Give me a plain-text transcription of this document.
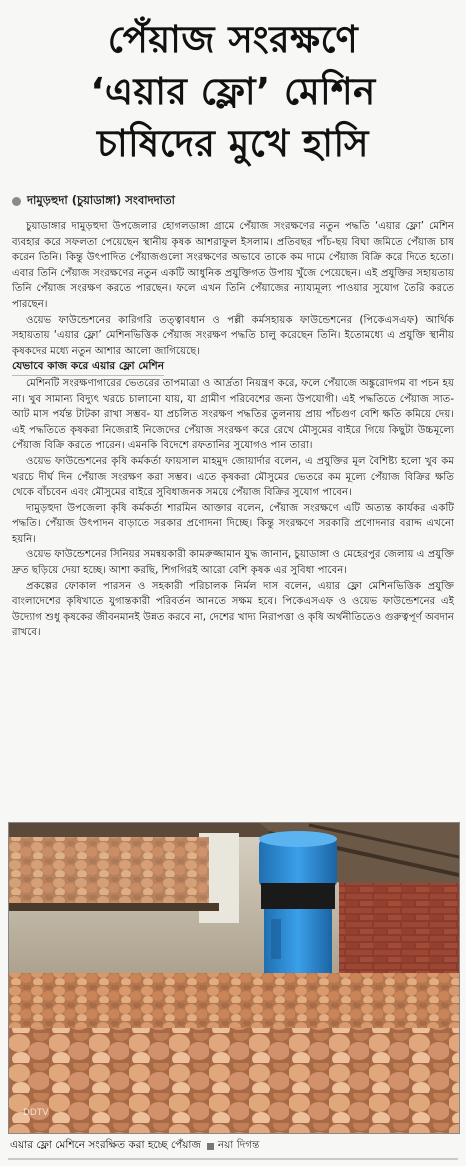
পেঁয়াজ সংরক্ষণে
‘এয়ার ফ্লো’ মেশিন
চাষিদের মুখে হাসি
দামুড়হুদা (চুয়াডাঙ্গা) সংবাদদাতা

চুয়াডাঙ্গার দামুড়হুদা উপজেলার হোগলডাঙ্গা গ্রামে পেঁয়াজ সংরক্ষণের নতুন পদ্ধতি ‘এয়ার ফ্লো’ মেশিন ব্যবহার করে সফলতা পেয়েছেন স্থানীয় কৃষক আশরাফুল ইসলাম। প্রতিবছর পাঁচ-ছয় বিঘা জমিতে পেঁয়াজ চাষ করেন তিনি। কিন্তু উৎপাদিত পেঁয়াজগুলো সংরক্ষণের অভাবে তাকে কম দামে পেঁয়াজ বিক্রি করে দিতে হতো। এবার তিনি পেঁয়াজ সংরক্ষণের নতুন একটি আধুনিক প্রযুক্তিগত উপায় খুঁজে পেয়েছেন। এই প্রযুক্তির সহায়তায় তিনি পেঁয়াজ সংরক্ষণ করতে পারছেন। ফলে এখন তিনি পেঁয়াজের ন্যায্যমূল্য পাওয়ার সুযোগ তৈরি করতে পারছেন।

ওয়েভ ফাউন্ডেশনের কারিগরি তত্ত্বাবধান ও পল্লী কর্মসহায়ক ফাউন্ডেশনের (পিকেএসএফ) আর্থিক সহায়তায় ‘এয়ার ফ্লো’ মেশিনভিত্তিক পেঁয়াজ সংরক্ষণ পদ্ধতি চালু করেছেন তিনি। ইতোমধ্যে এ প্রযুক্তি স্থানীয় কৃষকদের মধ্যে নতুন আশার আলো জাগিয়েছে।

যেভাবে কাজ করে এয়ার ফ্লো মেশিন

মেশিনটি সংরক্ষণাগারের ভেতরের তাপমাত্রা ও আর্দ্রতা নিয়ন্ত্রণ করে, ফলে পেঁয়াজে অঙ্কুরোদগম বা পচন হয় না। খুব সামান্য বিদ্যুৎ খরচে চালানো যায়, যা গ্রামীণ পরিবেশের জন্য উপযোগী। এই পদ্ধতিতে পেঁয়াজ সাত-আট মাস পর্যন্ত টাটকা রাখা সম্ভব- যা প্রচলিত সংরক্ষণ পদ্ধতির তুলনায় প্রায় পাঁচগুণ বেশি ক্ষতি কমিয়ে দেয়। এই পদ্ধতিতে কৃষকরা নিজেরাই নিজেদের পেঁয়াজ সংরক্ষণ করে রেখে মৌসুমের বাইরে গিয়ে কিছুটা উচ্চমূল্যে পেঁয়াজ বিক্রি করতে পারেন। এমনকি বিদেশে রফতানির সুযোগও পান তারা।

ওয়েভ ফাউন্ডেশনের কৃষি কর্মকর্তা ফায়সাল মাহমুদ জোয়ার্দার বলেন, এ প্রযুক্তির মূল বৈশিষ্ট্য হলো খুব কম খরচে দীর্ঘ দিন পেঁয়াজ সংরক্ষণ করা সম্ভব। এতে কৃষকরা মৌসুমের ভেতরে কম মূল্যে পেঁয়াজ বিক্রির ক্ষতি থেকে বাঁচবেন এবং মৌসুমের বাইরে সুবিধাজনক সময়ে পেঁয়াজ বিক্রির সুযোগ পাবেন।

দামুড়হুদা উপজেলা কৃষি কর্মকর্তা শারমিন আক্তার বলেন, পেঁয়াজ সংরক্ষণে এটি অত্যন্ত কার্যকর একটি পদ্ধতি। পেঁয়াজ উৎপাদন বাড়াতে সরকার প্রণোদনা দিচ্ছে। কিন্তু সংরক্ষণে সরকারি প্রণোদনার বরাদ্দ এখনো হয়নি।

ওয়েভ ফাউন্ডেশনের সিনিয়র সমন্বয়কারী কামরুজ্জামান যুদ্ধ জানান, চুয়াডাঙ্গা ও মেহেরপুর জেলায় এ প্রযুক্তি দ্রুত ছড়িয়ে দেয়া হচ্ছে। আশা করছি, শিগগিরই আরো বেশি কৃষক এর সুবিধা পাবেন।

প্রকল্পের ফোকাল পারসন ও সহকারী পরিচালক নির্মল দাস বলেন, এয়ার ফ্লো মেশিনভিত্তিক প্রযুক্তি বাংলাদেশের কৃষিখাতে যুগান্তকারী পরিবর্তন আনতে সক্ষম হবে। পিকেএসএফ ও ওয়েভ ফাউন্ডেশনের এই উদ্যোগ শুধু কৃষকের জীবনমানই উন্নত করবে না, দেশের খাদ্য নিরাপত্তা ও কৃষি অর্থনীতিতেও গুরুত্বপূর্ণ অবদান রাখবে।

DDTV
এয়ার ফ্লো মেশিনে সংরক্ষিত করা হচ্ছে পেঁয়াজ নয়া দিগন্ত
